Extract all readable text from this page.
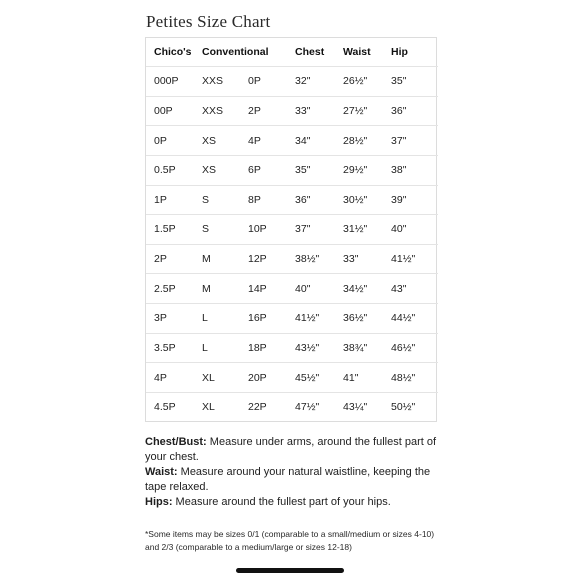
Petites Size Chart
Chico's	Conventional		Chest	Waist	Hip
000P	XXS	0P	32"	26½"	35"
00P	XXS	2P	33"	27½"	36"
0P	XS	4P	34"	28½"	37"
0.5P	XS	6P	35"	29½"	38"
1P	S	8P	36"	30½"	39"
1.5P	S	10P	37"	31½"	40"
2P	M	12P	38½"	33"	41½"
2.5P	M	14P	40"	34½"	43"
3P	L	16P	41½"	36½"	44½"
3.5P	L	18P	43½"	38¾"	46½"
4P	XL	20P	45½"	41"	48½"
4.5P	XL	22P	47½"	43¼"	50½"

Chest/Bust: Measure under arms, around the fullest part of your chest.

Waist: Measure around your natural waistline, keeping the tape relaxed.

Hips: Measure around the fullest part of your hips.

*Some items may be sizes 0/1 (comparable to a small/medium or sizes 4-10) and 2/3 (comparable to a medium/large or sizes 12-18)
